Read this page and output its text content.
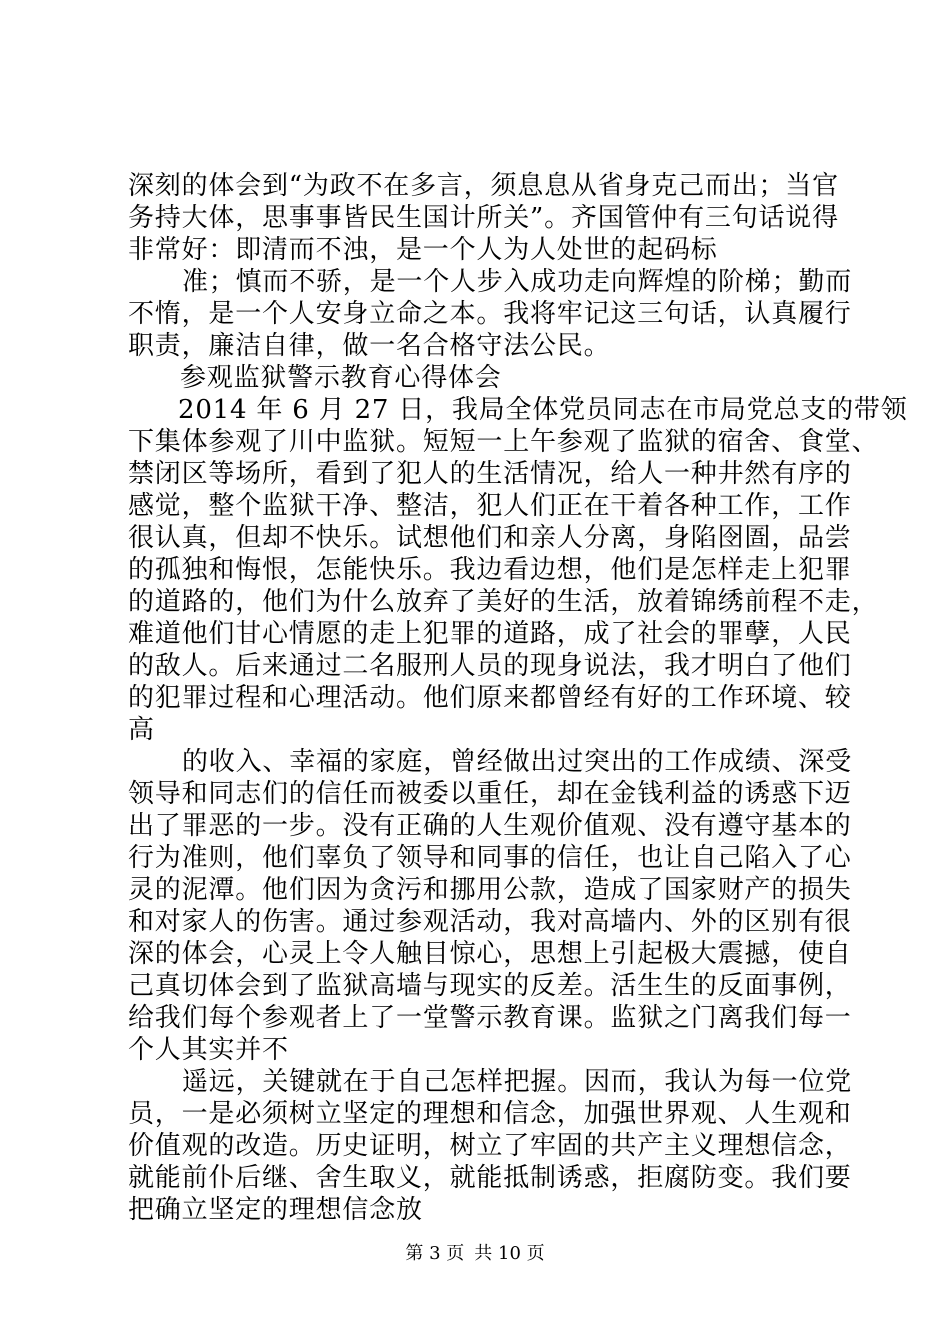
深刻的体会到“为政不在多言，须息息从省身克己而出；当官
务持大体，思事事皆民生国计所关”。齐国管仲有三句话说得
非常好：即清而不浊，是一个人为人处世的起码标
准；慎而不骄，是一个人步入成功走向辉煌的阶梯；勤而
不惰，是一个人安身立命之本。我将牢记这三句话，认真履行
职责，廉洁自律，做一名合格守法公民。
参观监狱警示教育心得体会
2014 年 6 月 27 日，我局全体党员同志在市局党总支的带领
下集体参观了川中监狱。短短一上午参观了监狱的宿舍、食堂、
禁闭区等场所，看到了犯人的生活情况，给人一种井然有序的
感觉，整个监狱干净、整洁，犯人们正在干着各种工作，工作
很认真，但却不快乐。试想他们和亲人分离，身陷囹圄，品尝
的孤独和悔恨，怎能快乐。我边看边想，他们是怎样走上犯罪
的道路的，他们为什么放弃了美好的生活，放着锦绣前程不走，
难道他们甘心情愿的走上犯罪的道路，成了社会的罪孽，人民
的敌人。后来通过二名服刑人员的现身说法，我才明白了他们
的犯罪过程和心理活动。他们原来都曾经有好的工作环境、较
高
的收入、幸福的家庭，曾经做出过突出的工作成绩、深受
领导和同志们的信任而被委以重任，却在金钱利益的诱惑下迈
出了罪恶的一步。没有正确的人生观价值观、没有遵守基本的
行为准则，他们辜负了领导和同事的信任，也让自己陷入了心
灵的泥潭。他们因为贪污和挪用公款，造成了国家财产的损失
和对家人的伤害。通过参观活动，我对高墙内、外的区别有很
深的体会，心灵上令人触目惊心，思想上引起极大震撼，使自
己真切体会到了监狱高墙与现实的反差。活生生的反面事例，
给我们每个参观者上了一堂警示教育课。监狱之门离我们每一
个人其实并不
遥远，关键就在于自己怎样把握。因而，我认为每一位党
员，一是必须树立坚定的理想和信念，加强世界观、人生观和
价值观的改造。历史证明，树立了牢固的共产主义理想信念，
就能前仆后继、舍生取义，就能抵制诱惑，拒腐防变。我们要
把确立坚定的理想信念放
第 3 页 共 10 页
